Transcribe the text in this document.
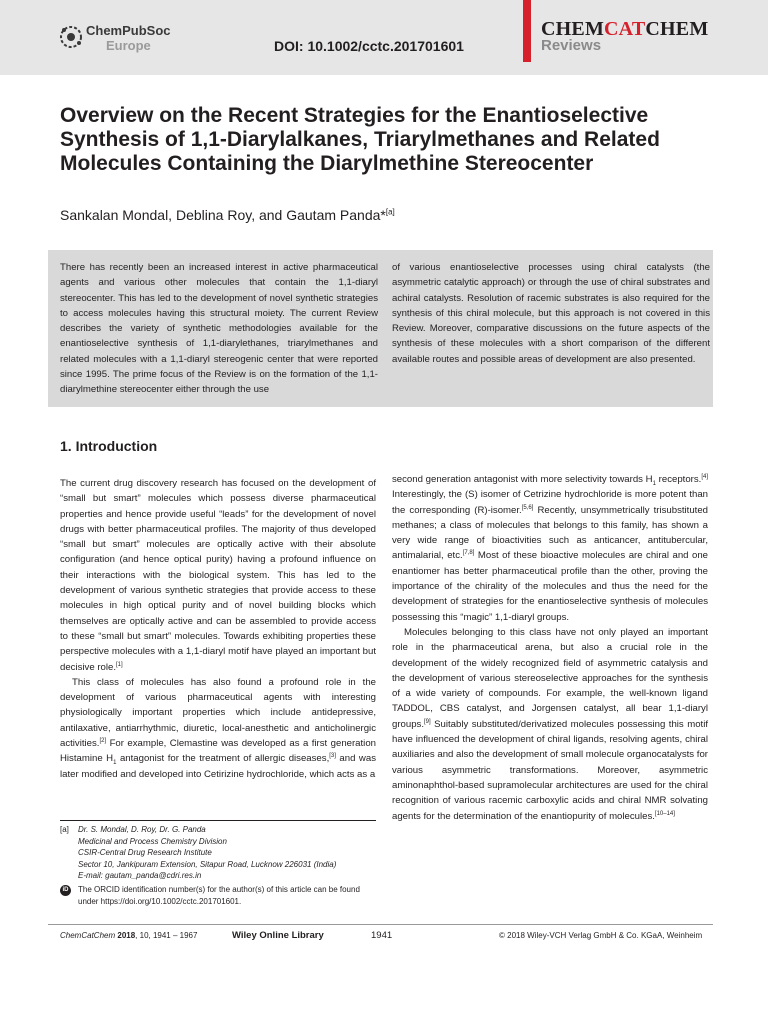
ChemPubSoc
Europe	DOI: 10.1002/cctc.201701601
CHEMCATCHEM
Reviews
Overview on the Recent Strategies for the Enantioselective Synthesis of 1,1-Diarylalkanes, Triarylmethanes and Related Molecules Containing the Diarylmethine Stereocenter
Sankalan Mondal, Deblina Roy, and Gautam Panda*[a]

There has recently been an increased interest in active pharmaceutical agents and various other molecules that contain the 1,1-diaryl stereocenter. This has led to the development of novel synthetic strategies to access molecules having this structural moiety. The current Review describes the variety of synthetic methodologies available for the enantioselective synthesis of 1,1-diarylethanes, triarylmethanes and related molecules with a 1,1-diaryl stereogenic center that were reported since 1995. The prime focus of the Review is on the formation of the 1,1-diarylmethine stereocenter either through the use

of various enantioselective processes using chiral catalysts (the asymmetric catalytic approach) or through the use of chiral substrates and achiral catalysts. Resolution of racemic substrates is also required for the synthesis of this chiral molecule, but this approach is not covered in this Review. Moreover, comparative discussions on the future aspects of the synthesis of these molecules with a short comparison of the different available routes and possible areas of development are also presented.

1. Introduction

The current drug discovery research has focused on the development of “small but smart” molecules which possess diverse pharmaceutical properties and hence provide useful “leads” for the development of novel drugs with better pharmaceutical profiles. The majority of thus developed “small but smart” molecules are optically active with their absolute configuration (and hence optical purity) having a profound influence on their interactions with the biological system. This has led to the development of various synthetic strategies that provide access to these molecules in high optical purity and of novel building blocks which themselves are optically active and can be assembled to provide access to these “small but smart” molecules. Towards exhibiting properties these perspective molecules with a 1,1-diaryl motif have played an important but decisive role.[1]

This class of molecules has also found a profound role in the development of various pharmaceutical agents with interesting physiologically important properties which include antidepressive, antilaxative, antiarrhythmic, diuretic, local-anesthetic and anticholinergic activities.[2] For example, Clemastine was developed as a first generation Histamine $H_1$ antagonist for the treatment of allergic diseases,[3] and was later modified and developed into Cetirizine hydrochloride, which acts as a

second generation antagonist with more selectivity towards $H_1$ receptors.[4] Interestingly, the (S) isomer of Cetrizine hydrochloride is more potent than the corresponding (R)-isomer.[5,6] Recently, unsymmetrically trisubstituted methanes; a class of molecules that belongs to this family, has shown a very wide range of bioactivities such as anticancer, antitubercular, antimalarial, etc.[7,8] Most of these bioactive molecules are chiral and one enantiomer has better pharmaceutical profile than the other, proving the importance of the chirality of the molecules and thus the need for the development of strategies for the enantioselective synthesis of molecules possessing this “magic” 1,1-diaryl groups.

Molecules belonging to this class have not only played an important role in the pharmaceutical arena, but also a crucial role in the development of the widely recognized field of asymmetric catalysis and the development of various stereoselective approaches for the synthesis of a wide variety of compounds. For example, the well-known ligand TADDOL, CBS catalyst, and Jorgensen catalyst, all bear 1,1-diaryl groups.[9] Suitably substituted/derivatized molecules possessing this motif have influenced the development of chiral ligands, resolving agents, chiral auxiliaries and also the development of small molecule organocatalysts for various asymmetric transformations. Moreover, asymmetric aminonaphthol-based supramolecular architectures are used for the chiral recognition of various racemic carboxylic acids and chiral NMR solvating agents for the determination of the enantiopurity of molecules.[10–14]

[a] Dr. S. Mondal, D. Roy, Dr. G. Panda
Medicinal and Process Chemistry Division
CSIR-Central Drug Research Institute
Sector 10, Jankipuram Extension, Sitapur Road, Lucknow 226031 (India)
E-mail: gautam_panda@cdri.res.in
iD	The ORCID identification number(s) for the author(s) of this article can be found under https://doi.org/10.1002/cctc.201701601.
ChemCatChem 2018, 10, 1941 – 1967	Wiley Online Library	1941	© 2018 Wiley-VCH Verlag GmbH & Co. KGaA, Weinheim
